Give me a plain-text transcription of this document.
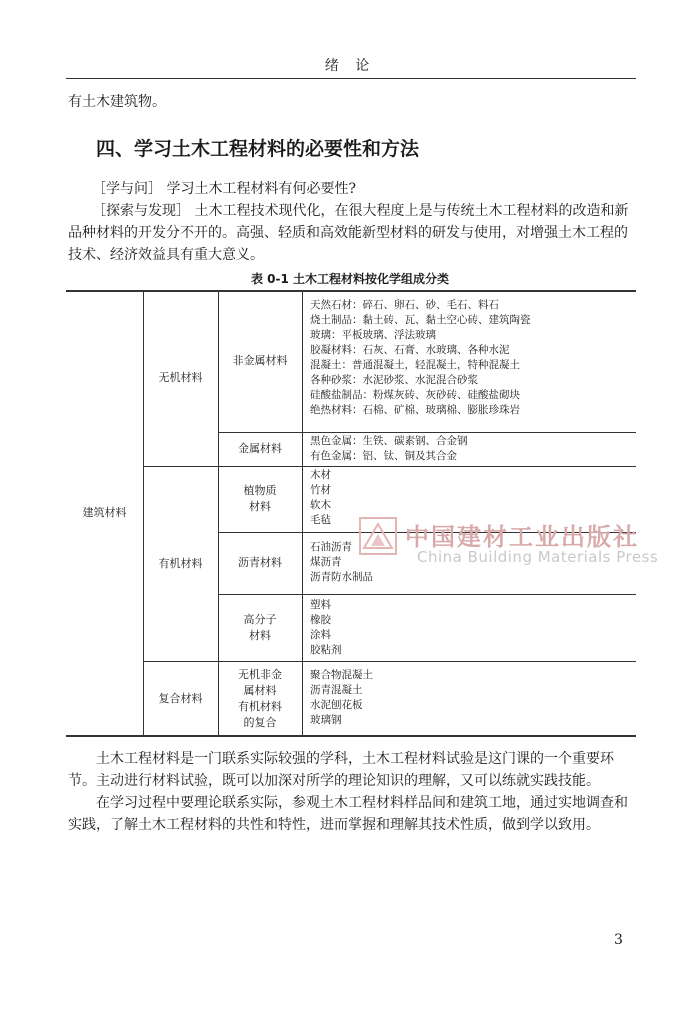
绪 论
有土木建筑物。
四、学习土木工程材料的必要性和方法
［学与问］ 学习土木工程材料有何必要性?
［探索与发现］ 土木工程技术现代化，在很大程度上是与传统土木工程材料的改造和新品种材料的开发分不开的。高强、轻质和高效能新型材料的研发与使用，对增强土木工程的技术、经济效益具有重大意义。
表 0-1 土木工程材料按化学组成分类
建筑材料
无机材料
有机材料
复合材料
非金属材料
金属材料
植物质
材料
沥青材料
高分子
材料
无机非金
属材料
有机材料
的复合
天然石材：碎石、卵石、砂、毛石、料石
烧土制品：黏土砖、瓦、黏土空心砖、建筑陶瓷
玻璃：平板玻璃、浮法玻璃
胶凝材料：石灰、石膏、水玻璃、各种水泥
混凝土：普通混凝土，轻混凝土，特种混凝土
各种砂浆：水泥砂浆、水泥混合砂浆
硅酸盐制品：粉煤灰砖、灰砂砖、硅酸盐砌块
绝热材料：石棉、矿棉、玻璃棉、膨胀珍珠岩
黑色金属：生铁、碳素钢、合金钢
有色金属：铝、钛、铜及其合金
木材
竹材
软木
毛毡
石油沥青
煤沥青
沥青防水制品
塑料
橡胶
涂料
胶粘剂
聚合物混凝土
沥青混凝土
水泥刨花板
玻璃钢
中国建材工业出版社
China Building Materials Press
土木工程材料是一门联系实际较强的学科，土木工程材料试验是这门课的一个重要环节。主动进行材料试验，既可以加深对所学的理论知识的理解，又可以练就实践技能。
在学习过程中要理论联系实际，参观土木工程材料样品间和建筑工地，通过实地调查和实践，了解土木工程材料的共性和特性，进而掌握和理解其技术性质，做到学以致用。
3
